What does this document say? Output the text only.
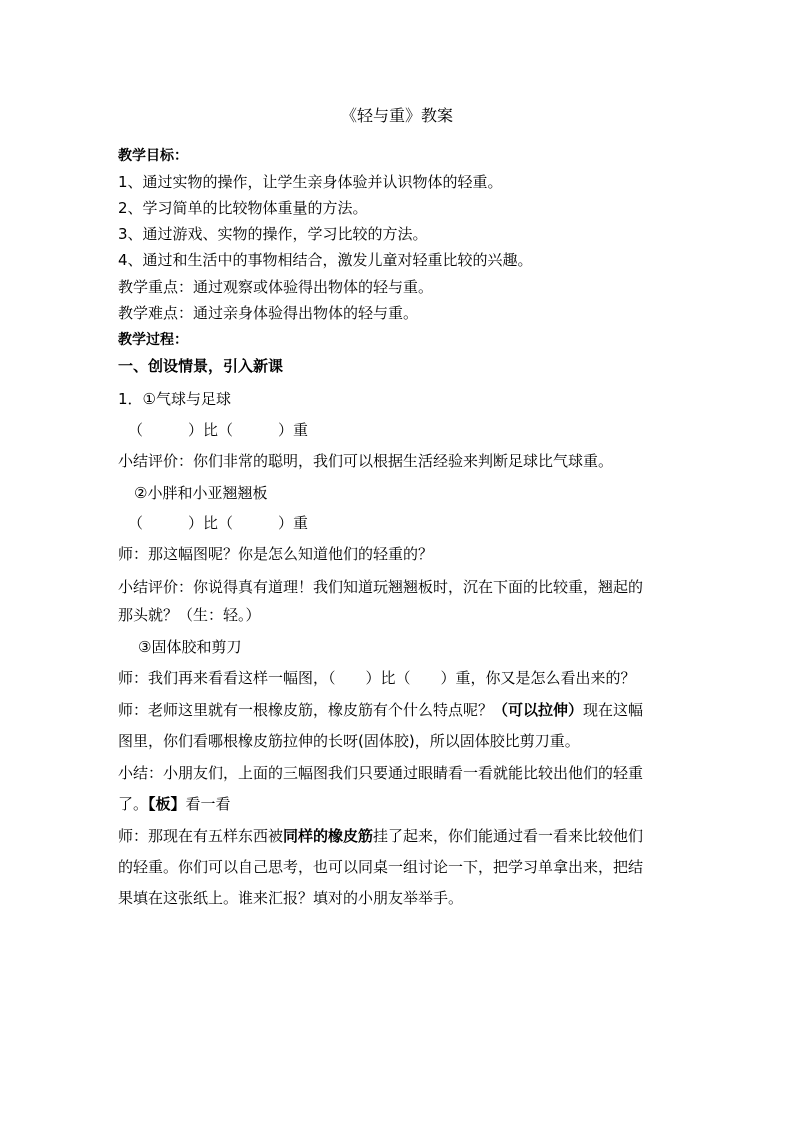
《轻与重》教案
教学目标：
1、通过实物的操作，让学生亲身体验并认识物体的轻重。
2、学习简单的比较物体重量的方法。
3、通过游戏、实物的操作，学习比较的方法。
4、通过和生活中的事物相结合，激发儿童对轻重比较的兴趣。
教学重点：通过观察或体验得出物体的轻与重。
教学难点：通过亲身体验得出物体的轻与重。
教学过程：
一、创设情景，引入新课
1．①气球与足球
（　　　）比（　　　）重
小结评价：你们非常的聪明，我们可以根据生活经验来判断足球比气球重。
②小胖和小亚翘翘板
（　　　）比（　　　）重
师：那这幅图呢？你是怎么知道他们的轻重的？
小结评价：你说得真有道理！我们知道玩翘翘板时，沉在下面的比较重，翘起的
那头就？（生：轻。）
③固体胶和剪刀
师：我们再来看看这样一幅图，（　　）比（　　）重，你又是怎么看出来的？
师：老师这里就有一根橡皮筋，橡皮筋有个什么特点呢？（可以拉伸）现在这幅
图里，你们看哪根橡皮筋拉伸的长呀(固体胶)，所以固体胶比剪刀重。
小结：小朋友们，上面的三幅图我们只要通过眼睛看一看就能比较出他们的轻重
了。【板】看一看
师：那现在有五样东西被同样的橡皮筋挂了起来，你们能通过看一看来比较他们
的轻重。你们可以自己思考，也可以同桌一组讨论一下，把学习单拿出来，把结
果填在这张纸上。谁来汇报？填对的小朋友举举手。
